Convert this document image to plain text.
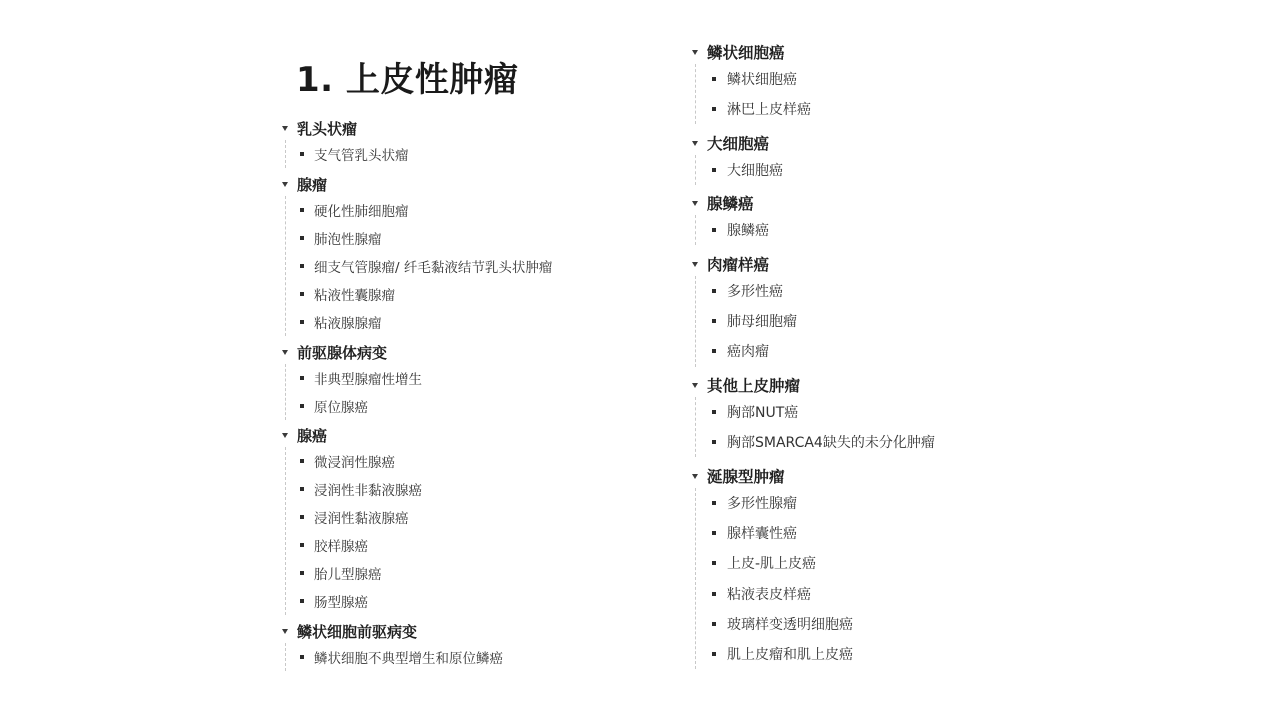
1. 上皮性肿瘤
乳头状瘤
支气管乳头状瘤
腺瘤
硬化性肺细胞瘤
肺泡性腺瘤
细支气管腺瘤/ 纤毛黏液结节乳头状肿瘤
粘液性囊腺瘤
粘液腺腺瘤
前驱腺体病变
非典型腺瘤性增生
原位腺癌
腺癌
微浸润性腺癌
浸润性非黏液腺癌
浸润性黏液腺癌
胶样腺癌
胎儿型腺癌
肠型腺癌
鳞状细胞前驱病变
鳞状细胞不典型增生和原位鳞癌
鳞状细胞癌
鳞状细胞癌
淋巴上皮样癌
大细胞癌
大细胞癌
腺鳞癌
腺鳞癌
肉瘤样癌
多形性癌
肺母细胞瘤
癌肉瘤
其他上皮肿瘤
胸部NUT癌
胸部SMARCA4缺失的未分化肿瘤
涎腺型肿瘤
多形性腺瘤
腺样囊性癌
上皮-肌上皮癌
粘液表皮样癌
玻璃样变透明细胞癌
肌上皮瘤和肌上皮癌
